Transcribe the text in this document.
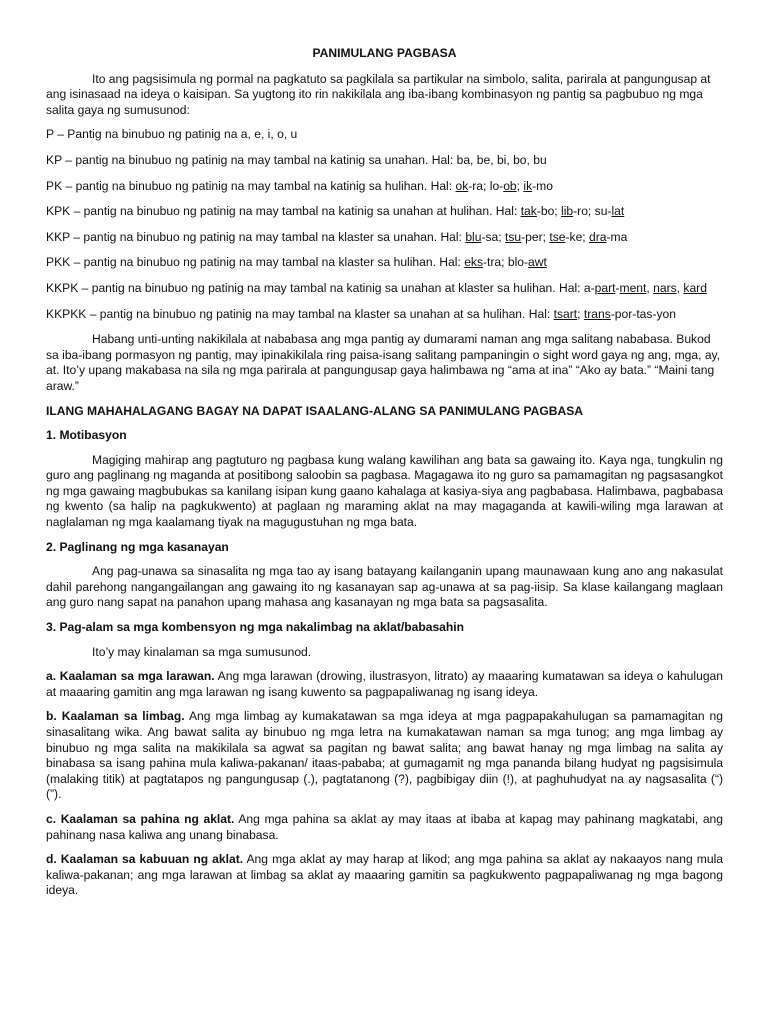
PANIMULANG PAGBASA

Ito ang pagsisimula ng pormal na pagkatuto sa pagkilala sa partikular na simbolo, salita, parirala at pangungusap at ang isinasaad na ideya o kaisipan. Sa yugtong ito rin nakikilala ang iba-ibang kombinasyon ng pantig sa pagbubuo ng mga salita gaya ng sumusunod:

P – Pantig na binubuo ng patinig na a, e, i, o, u

KP – pantig na binubuo ng patinig na may tambal na katinig sa unahan. Hal: ba, be, bi, bo, bu

PK – pantig na binubuo ng patinig na may tambal na katinig sa hulihan. Hal: ok-ra; lo-ob; ik-mo

KPK – pantig na binubuo ng patinig na may tambal na katinig sa unahan at hulihan. Hal: tak-bo; lib-ro; su-lat

KKP – pantig na binubuo ng patinig na may tambal na klaster sa unahan. Hal: blu-sa; tsu-per; tse-ke; dra-ma

PKK – pantig na binubuo ng patinig na may tambal na klaster sa hulihan. Hal: eks-tra; blo-awt

KKPK – pantig na binubuo ng patinig na may tambal na katinig sa unahan at klaster sa hulihan. Hal: a-part-ment, nars, kard

KKPKK – pantig na binubuo ng patinig na may tambal na klaster sa unahan at sa hulihan. Hal: tsart; trans-por-tas-yon

Habang unti-unting nakikilala at nababasa ang mga pantig ay dumarami naman ang mga salitang nababasa. Bukod sa iba-ibang pormasyon ng pantig, may ipinakikilala ring paisa-isang salitang pampaningin o sight word gaya ng ang, mga, ay, at. Ito’y upang makabasa na sila ng mga parirala at pangungusap gaya halimbawa ng “ama at ina” “Ako ay bata.” “Maini tang araw.”

ILANG MAHAHALAGANG BAGAY NA DAPAT ISAALANG-ALANG SA PANIMULANG PAGBASA
1. Motibasyon

Magiging mahirap ang pagtuturo ng pagbasa kung walang kawilihan ang bata sa gawaing ito. Kaya nga, tungkulin ng guro ang paglinang ng maganda at positibong saloobin sa pagbasa. Magagawa ito ng guro sa pamamagitan ng pagsasangkot ng mga gawaing magbubukas sa kanilang isipan kung gaano kahalaga at kasiya-siya ang pagbabasa. Halimbawa, pagbabasa ng kwento (sa halip na pagkukwento) at paglaan ng maraming aklat na may magaganda at kawili-wiling mga larawan at naglalaman ng mga kaalamang tiyak na magugustuhan ng mga bata.

2. Paglinang ng mga kasanayan

Ang pag-unawa sa sinasalita ng mga tao ay isang batayang kailanganin upang maunawaan kung ano ang nakasulat dahil parehong nangangailangan ang gawaing ito ng kasanayan sap ag-unawa at sa pag-iisip. Sa klase kailangang maglaan ang guro nang sapat na panahon upang mahasa ang kasanayan ng mga bata sa pagsasalita.

3. Pag-alam sa mga kombensyon ng mga nakalimbag na aklat/babasahin

Ito’y may kinalaman sa mga sumusunod.

a. Kaalaman sa mga larawan. Ang mga larawan (drowing, ilustrasyon, litrato) ay maaaring kumatawan sa ideya o kahulugan at maaaring gamitin ang mga larawan ng isang kuwento sa pagpapaliwanag ng isang ideya.

b. Kaalaman sa limbag. Ang mga limbag ay kumakatawan sa mga ideya at mga pagpapakahulugan sa pamamagitan ng sinasalitang wika. Ang bawat salita ay binubuo ng mga letra na kumakatawan naman sa mga tunog; ang mga limbag ay binubuo ng mga salita na makikilala sa agwat sa pagitan ng bawat salita; ang bawat hanay ng mga limbag na salita ay binabasa sa isang pahina mula kaliwa-pakanan/ itaas-pababa; at gumagamit ng mga pananda bilang hudyat ng pagsisimula (malaking titik) at pagtatapos ng pangungusap (.), pagtatanong (?), pagbibigay diin (!), at paghuhudyat na ay nagsasalita (“) (”).

c. Kaalaman sa pahina ng aklat. Ang mga pahina sa aklat ay may itaas at ibaba at kapag may pahinang magkatabi, ang pahinang nasa kaliwa ang unang binabasa.

d. Kaalaman sa kabuuan ng aklat. Ang mga aklat ay may harap at likod; ang mga pahina sa aklat ay nakaayos nang mula kaliwa-pakanan; ang mga larawan at limbag sa aklat ay maaaring gamitin sa pagkukwento pagpapaliwanag ng mga bagong ideya.
